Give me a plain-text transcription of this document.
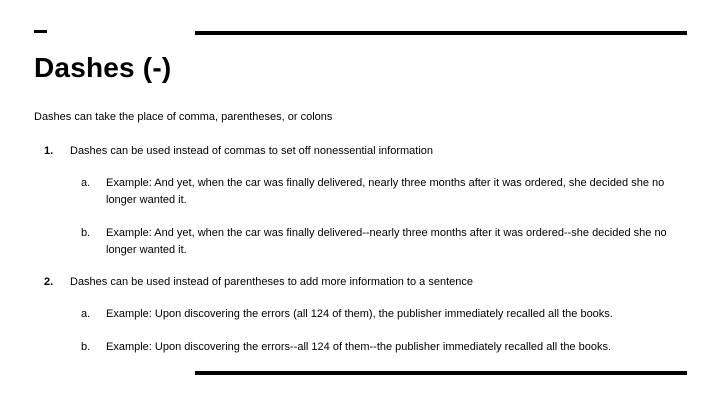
Dashes (-)
Dashes can take the place of comma, parentheses, or colons
1. Dashes can be used instead of commas to set off nonessential information
a. Example: And yet, when the car was finally delivered, nearly three months after it was ordered, she decided she no longer wanted it.
b. Example: And yet, when the car was finally delivered--nearly three months after it was ordered--she decided she no longer wanted it.
2. Dashes can be used instead of parentheses to add more information to a sentence
a. Example: Upon discovering the errors (all 124 of them), the publisher immediately recalled all the books.
b. Example: Upon discovering the errors--all 124 of them--the publisher immediately recalled all the books.
